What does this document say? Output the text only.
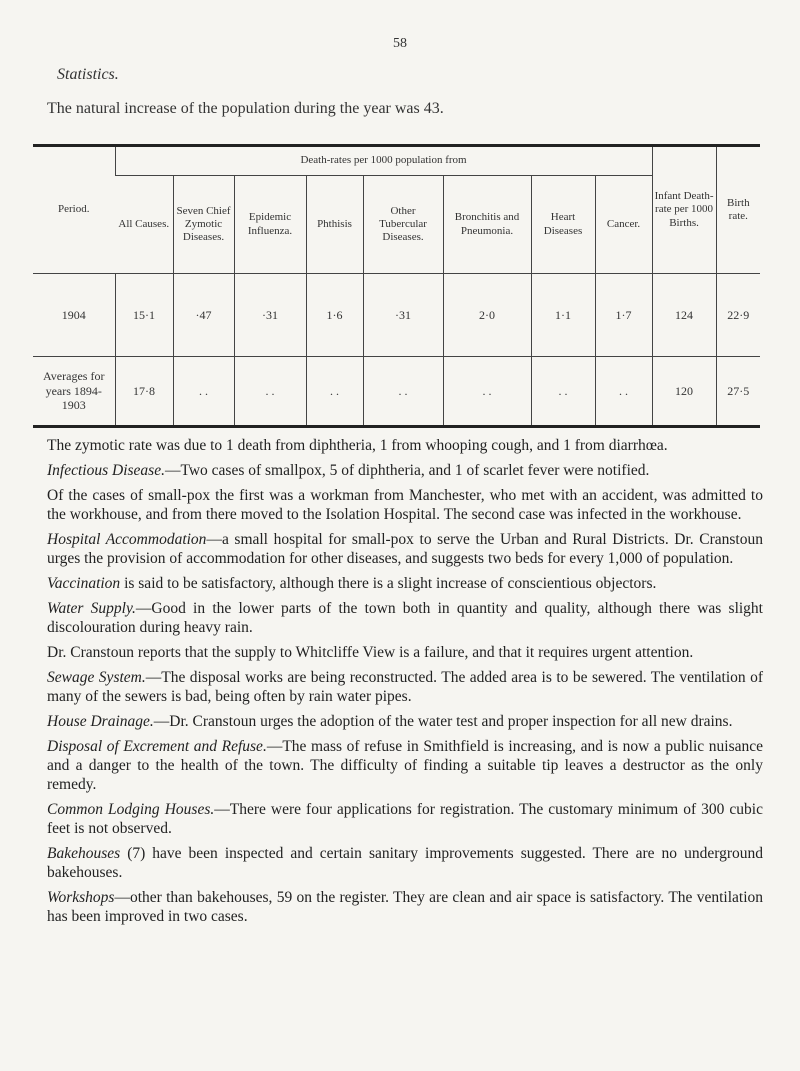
58
Statistics.
The natural increase of the population during the year was 43.
Period.	Death-rates per 1000 population from								Infant Death-rate per 1000 Births.	Birth rate.
	All Causes.	Seven Chief Zymotic Diseases.	Epidemic Influenza.	Phthisis	Other Tubercular Diseases.	Bronchitis and Pneumonia.	Heart Diseases	Cancer.		
1904	15·1	·47	·31	1·6	·31	2·0	1·1	1·7	124	22·9
Averages for years 1894-1903	17·8	. .	. .	. .	. .	. .	. .	. .	120	27·5

The zymotic rate was due to 1 death from diphtheria, 1 from whooping cough, and 1 from diarrhœa.

Infectious Disease.—Two cases of smallpox, 5 of diphtheria, and 1 of scarlet fever were notified.

Of the cases of small-pox the first was a workman from Manchester, who met with an accident, was admitted to the workhouse, and from there moved to the Isolation Hospital. The second case was infected in the workhouse.

Hospital Accommodation—a small hospital for small-pox to serve the Urban and Rural Districts. Dr. Cranstoun urges the provision of accommodation for other diseases, and suggests two beds for every 1,000 of population.

Vaccination is said to be satisfactory, although there is a slight increase of conscientious objectors.

Water Supply.—Good in the lower parts of the town both in quantity and quality, although there was slight discolouration during heavy rain.

Dr. Cranstoun reports that the supply to Whitcliffe View is a failure, and that it requires urgent attention.

Sewage System.—The disposal works are being reconstructed. The added area is to be sewered. The ventilation of many of the sewers is bad, being often by rain water pipes.

House Drainage.—Dr. Cranstoun urges the adoption of the water test and proper inspection for all new drains.

Disposal of Excrement and Refuse.—The mass of refuse in Smithfield is increasing, and is now a public nuisance and a danger to the health of the town. The difficulty of finding a suitable tip leaves a destructor as the only remedy.

Common Lodging Houses.—There were four applications for registration. The customary minimum of 300 cubic feet is not observed.

Bakehouses (7) have been inspected and certain sanitary improvements suggested. There are no underground bakehouses.

Workshops—other than bakehouses, 59 on the register. They are clean and air space is satisfactory. The ventilation has been improved in two cases.
